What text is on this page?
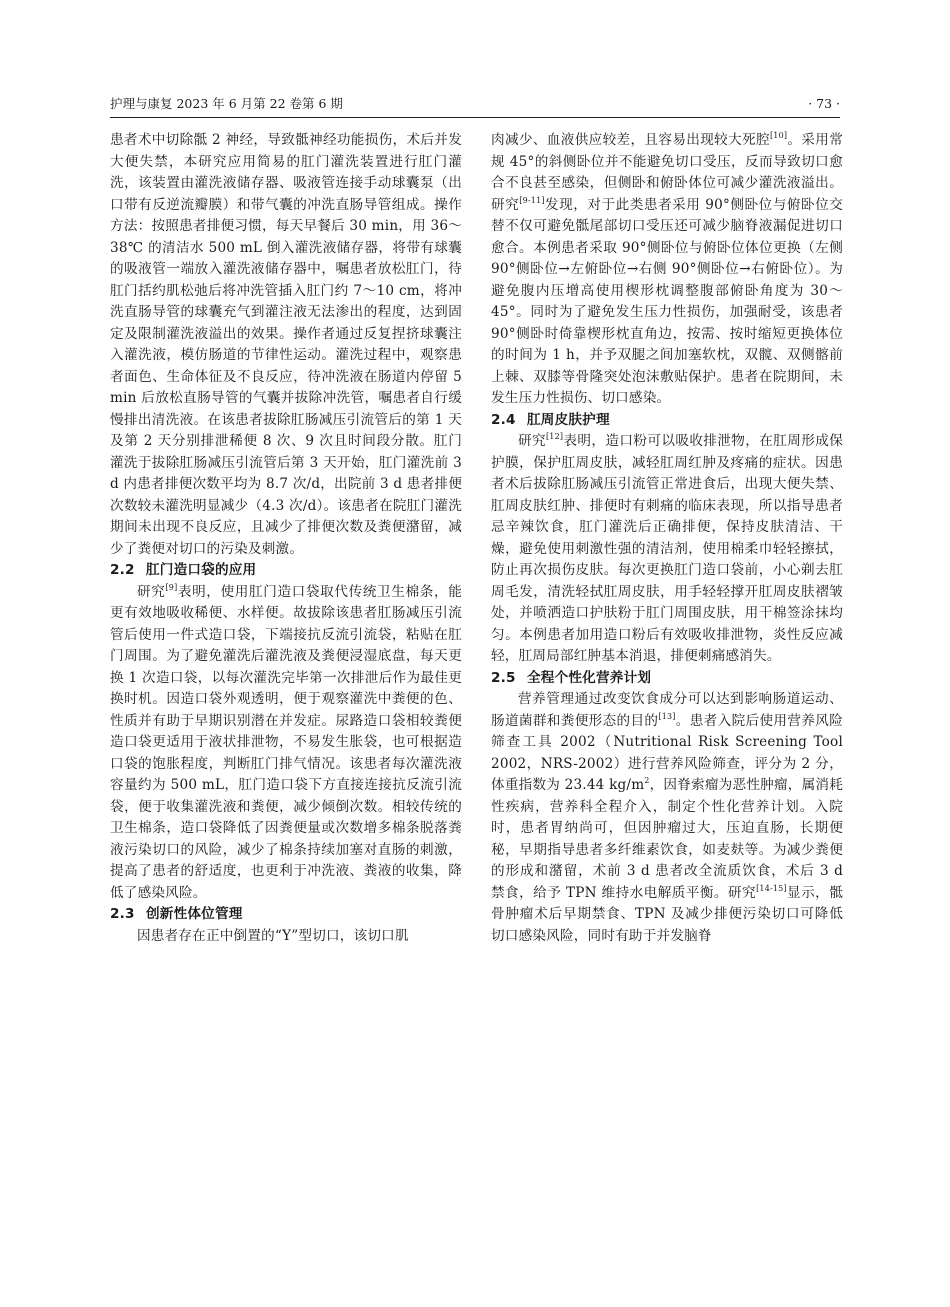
护理与康复 2023 年 6 月第 22 卷第 6 期	· 73 ·

患者术中切除骶 2 神经，导致骶神经功能损伤，术后并发大便失禁，本研究应用简易的肛门灌洗装置进行肛门灌洗，该装置由灌洗液储存器、吸液管连接手动球囊泵（出口带有反逆流瓣膜）和带气囊的冲洗直肠导管组成。操作方法：按照患者排便习惯，每天早餐后 30 min，用 36～38℃ 的清洁水 500 mL 倒入灌洗液储存器，将带有球囊的吸液管一端放入灌洗液储存器中，嘱患者放松肛门，待肛门括约肌松弛后将冲洗管插入肛门约 7～10 cm，将冲洗直肠导管的球囊充气到灌注液无法渗出的程度，达到固定及限制灌洗液溢出的效果。操作者通过反复捏挤球囊注入灌洗液，模仿肠道的节律性运动。灌洗过程中，观察患者面色、生命体征及不良反应，待冲洗液在肠道内停留 5 min 后放松直肠导管的气囊并拔除冲洗管，嘱患者自行缓慢排出清洗液。在该患者拔除肛肠减压引流管后的第 1 天及第 2 天分别排泄稀便 8 次、9 次且时间段分散。肛门灌洗于拔除肛肠减压引流管后第 3 天开始，肛门灌洗前 3 d 内患者排便次数平均为 8.7 次/d，出院前 3 d 患者排便次数较未灌洗明显减少（4.3 次/d）。该患者在院肛门灌洗期间未出现不良反应，且减少了排便次数及粪便潴留，减少了粪便对切口的污染及刺激。

2.2 肛门造口袋的应用

研究[9]表明，使用肛门造口袋取代传统卫生棉条，能更有效地吸收稀便、水样便。故拔除该患者肛肠减压引流管后使用一件式造口袋，下端接抗反流引流袋，粘贴在肛门周围。为了避免灌洗后灌洗液及粪便浸湿底盘，每天更换 1 次造口袋，以每次灌洗完毕第一次排泄后作为最佳更换时机。因造口袋外观透明，便于观察灌洗中粪便的色、性质并有助于早期识别潜在并发症。尿路造口袋相较粪便造口袋更适用于液状排泄物，不易发生胀袋，也可根据造口袋的饱胀程度，判断肛门排气情况。该患者每次灌洗液容量约为 500 mL，肛门造口袋下方直接连接抗反流引流袋，便于收集灌洗液和粪便，减少倾倒次数。相较传统的卫生棉条，造口袋降低了因粪便量或次数增多棉条脱落粪液污染切口的风险，减少了棉条持续加塞对直肠的刺激，提高了患者的舒适度，也更利于冲洗液、粪液的收集，降低了感染风险。

2.3 创新性体位管理

因患者存在正中倒置的“Y”型切口，该切口肌

肉减少、血液供应较差，且容易出现较大死腔[10]。采用常规 45°的斜侧卧位并不能避免切口受压，反而导致切口愈合不良甚至感染，但侧卧和俯卧体位可减少灌洗液溢出。研究[9-11]发现，对于此类患者采用 90°侧卧位与俯卧位交替不仅可避免骶尾部切口受压还可减少脑脊液漏促进切口愈合。本例患者采取 90°侧卧位与俯卧位体位更换（左侧 90°侧卧位→左俯卧位→右侧 90°侧卧位→右俯卧位）。为避免腹内压增高使用楔形枕调整腹部俯卧角度为 30～45°。同时为了避免发生压力性损伤，加强耐受，该患者 90°侧卧时倚靠楔形枕直角边，按需、按时缩短更换体位的时间为 1 h，并予双腿之间加塞软枕，双髋、双侧髂前上棘、双膝等骨隆突处泡沫敷贴保护。患者在院期间，未发生压力性损伤、切口感染。

2.4 肛周皮肤护理

研究[12]表明，造口粉可以吸收排泄物，在肛周形成保护膜，保护肛周皮肤，减轻肛周红肿及疼痛的症状。因患者术后拔除肛肠减压引流管正常进食后，出现大便失禁、肛周皮肤红肿、排便时有刺痛的临床表现，所以指导患者忌辛辣饮食，肛门灌洗后正确排便，保持皮肤清洁、干燥，避免使用刺激性强的清洁剂，使用棉柔巾轻轻擦拭，防止再次损伤皮肤。每次更换肛门造口袋前，小心剃去肛周毛发，清洗轻拭肛周皮肤，用手轻轻撑开肛周皮肤褶皱处，并喷洒造口护肤粉于肛门周围皮肤，用干棉签涂抹均匀。本例患者加用造口粉后有效吸收排泄物，炎性反应减轻，肛周局部红肿基本消退，排便刺痛感消失。

2.5 全程个性化营养计划

营养管理通过改变饮食成分可以达到影响肠道运动、肠道菌群和粪便形态的目的[13]。患者入院后使用营养风险筛查工具 2002（Nutritional Risk Screening Tool 2002，NRS-2002）进行营养风险筛查，评分为 2 分，体重指数为 23.44 $kg/m^2$，因脊索瘤为恶性肿瘤，属消耗性疾病，营养科全程介入，制定个性化营养计划。入院时，患者胃纳尚可，但因肿瘤过大，压迫直肠，长期便秘，早期指导患者多纤维素饮食，如麦麸等。为减少粪便的形成和潴留，术前 3 d 患者改全流质饮食，术后 3 d 禁食，给予 TPN 维持水电解质平衡。研究[14-15]显示，骶骨肿瘤术后早期禁食、TPN 及减少排便污染切口可降低切口感染风险，同时有助于并发脑脊
